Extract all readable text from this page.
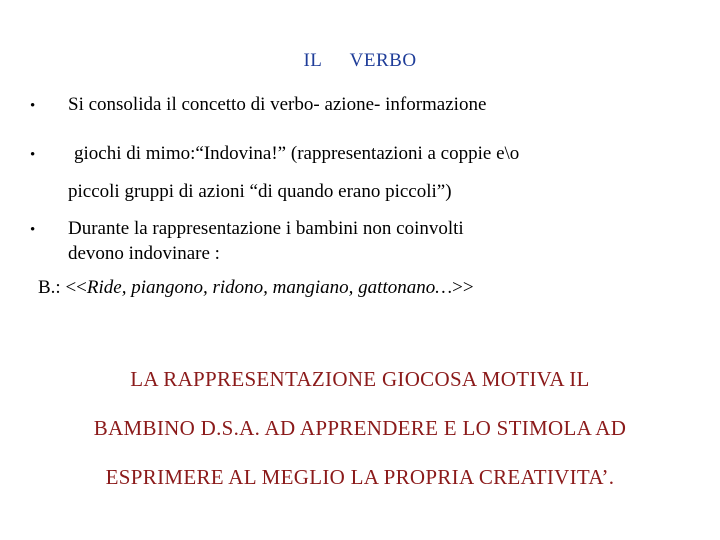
IL VERBO
• Si consolida il concetto di verbo- azione- informazione
• giochi di mimo:“Indovina!” (rappresentazioni a coppie e\o
piccoli gruppi di azioni “di quando erano piccoli”)
• Durante la rappresentazione i bambini non coinvolti
devono indovinare :
B.: <<Ride, piangono, ridono, mangiano, gattonano…>>
LA RAPPRESENTAZIONE GIOCOSA MOTIVA IL
BAMBINO D.S.A. AD APPRENDERE E LO STIMOLA AD
ESPRIMERE AL MEGLIO LA PROPRIA CREATIVITA’.
